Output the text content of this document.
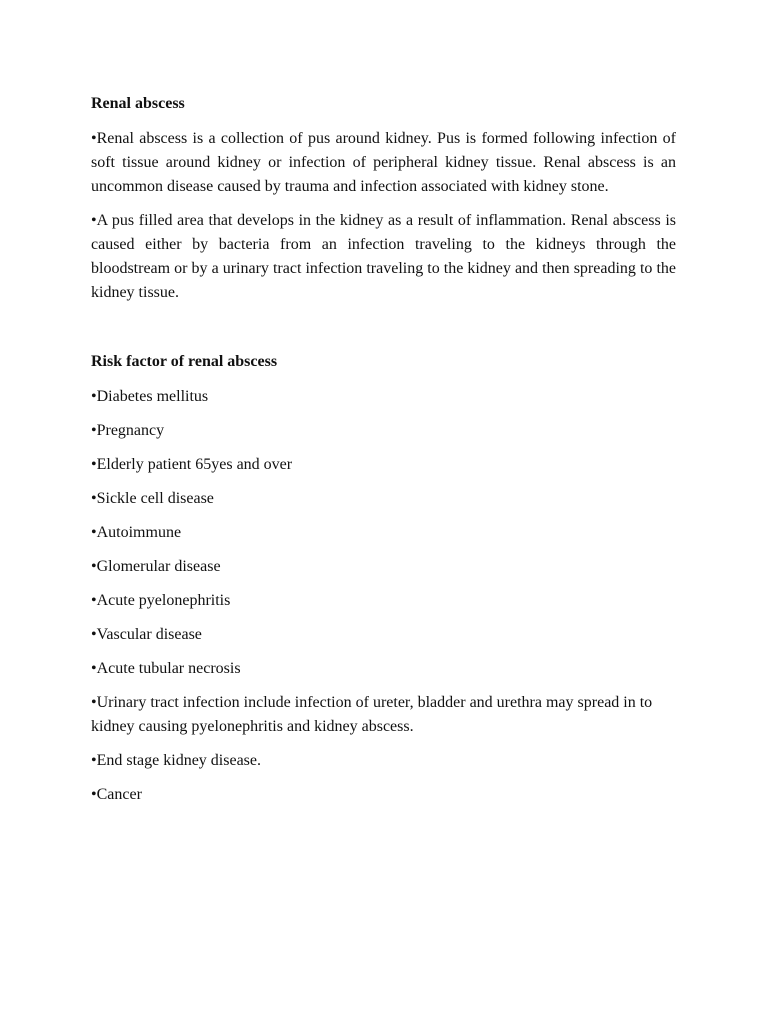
Renal abscess

•Renal abscess is a collection of pus around kidney. Pus is formed following infection of soft tissue around kidney or infection of peripheral kidney tissue. Renal abscess is an uncommon disease caused by trauma and infection associated with kidney stone.

•A pus filled area that develops in the kidney as a result of inflammation. Renal abscess is caused either by bacteria from an infection traveling to the kidneys through the bloodstream or by a urinary tract infection traveling to the kidney and then spreading to the kidney tissue.

Risk factor of renal abscess
•Diabetes mellitus
•Pregnancy
•Elderly patient 65yes and over
•Sickle cell disease
•Autoimmune
•Glomerular disease
•Acute pyelonephritis
•Vascular disease
•Acute tubular necrosis
•Urinary tract infection include infection of ureter, bladder and urethra may spread in to kidney causing pyelonephritis and kidney abscess.
•End stage kidney disease.
•Cancer
